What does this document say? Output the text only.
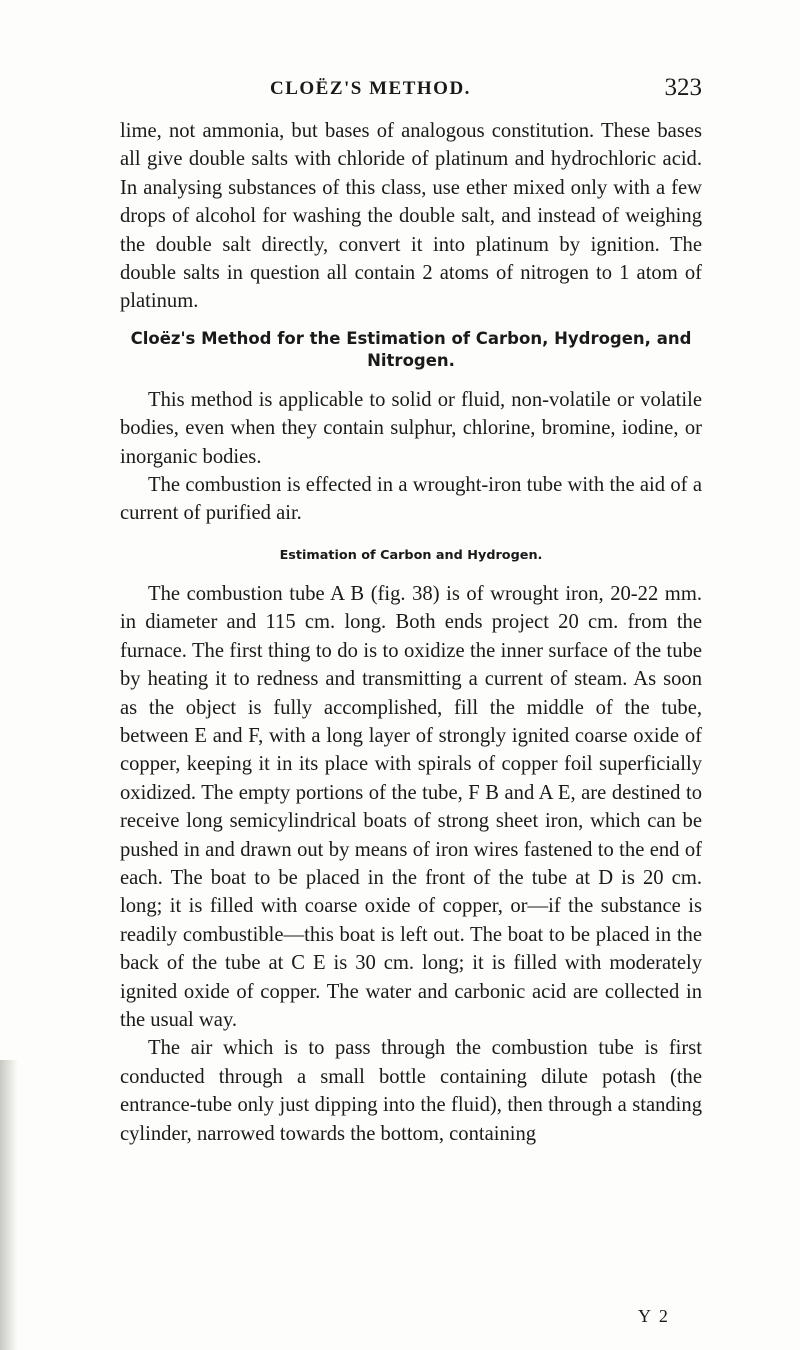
CLOËZ'S METHOD.	323

lime, not ammonia, but bases of analogous constitution. These bases all give double salts with chloride of platinum and hydrochloric acid. In analysing substances of this class, use ether mixed only with a few drops of alcohol for washing the double salt, and instead of weighing the double salt directly, convert it into platinum by ignition. The double salts in question all contain 2 atoms of nitrogen to 1 atom of platinum.

Cloëz's Method for the Estimation of Carbon, Hydrogen, and Nitrogen.

This method is applicable to solid or fluid, non-volatile or volatile bodies, even when they contain sulphur, chlorine, bromine, iodine, or inorganic bodies.

The combustion is effected in a wrought-iron tube with the aid of a current of purified air.

Estimation of Carbon and Hydrogen.

The combustion tube A B (fig. 38) is of wrought iron, 20-22 mm. in diameter and 115 cm. long. Both ends project 20 cm. from the furnace. The first thing to do is to oxidize the inner surface of the tube by heating it to redness and transmitting a current of steam. As soon as the object is fully accomplished, fill the middle of the tube, between E and F, with a long layer of strongly ignited coarse oxide of copper, keeping it in its place with spirals of copper foil superficially oxidized. The empty portions of the tube, F B and A E, are destined to receive long semicylindrical boats of strong sheet iron, which can be pushed in and drawn out by means of iron wires fastened to the end of each. The boat to be placed in the front of the tube at D is 20 cm. long; it is filled with coarse oxide of copper, or—if the substance is readily combustible—this boat is left out. The boat to be placed in the back of the tube at C E is 30 cm. long; it is filled with moderately ignited oxide of copper. The water and carbonic acid are collected in the usual way.

The air which is to pass through the combustion tube is first conducted through a small bottle containing dilute potash (the entrance-tube only just dipping into the fluid), then through a standing cylinder, narrowed towards the bottom, containing

Y 2
